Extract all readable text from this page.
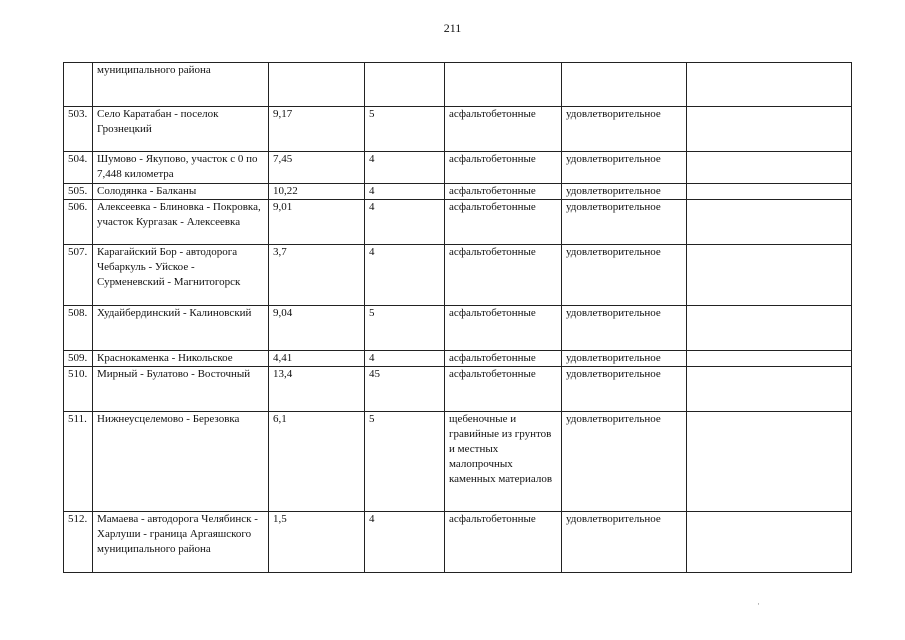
211
	муниципального района					
503.	Село Каратабан - поселок Грознецкий	9,17	5	асфальтобетонные	удовлетворительное	
504.	Шумово - Якупово, участок с 0 по 7,448 километра	7,45	4	асфальтобетонные	удовлетворительное	
505.	Солодянка - Балканы	10,22	4	асфальтобетонные	удовлетворительное	
506.	Алексеевка - Блиновка - Покровка, участок Кургазак - Алексеевка	9,01	4	асфальтобетонные	удовлетворительное	
507.	Карагайский Бор - автодорога Чебаркуль - Уйское - Сурменевский - Магнитогорск	3,7	4	асфальтобетонные	удовлетворительное	
508.	Худайбердинский - Калиновский	9,04	5	асфальтобетонные	удовлетворительное	
509.	Краснокаменка - Никольское	4,41	4	асфальтобетонные	удовлетворительное	
510.	Мирный - Булатово - Восточный	13,4	45	асфальтобетонные	удовлетворительное	
511.	Нижнеусцелемово - Березовка	6,1	5	щебеночные и гравийные из грунтов и местных малопрочных каменных материалов	удовлетворительное	
512.	Мамаева - автодорога Челябинск - Харлуши - граница Аргаяшского муниципального района	1,5	4	асфальтобетонные	удовлетворительное	
·
